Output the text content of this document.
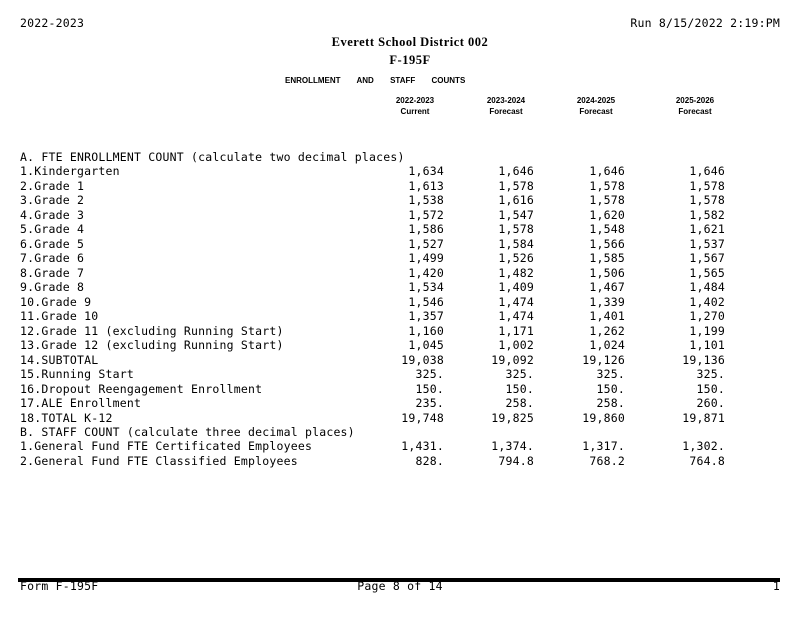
2022-2023	Run 8/15/2022 2:19:PM
Everett School District 002
F-195F
ENROLLMENT AND STAFF COUNTS
2022-2023
Current
2023-2024
Forecast
2024-2025
Forecast
2025-2026
Forecast
A. FTE ENROLLMENT COUNT (calculate two decimal places)
1.Kindergarten	1,634	1,646	1,646	1,646
2.Grade 1	1,613	1,578	1,578	1,578
3.Grade 2	1,538	1,616	1,578	1,578
4.Grade 3	1,572	1,547	1,620	1,582
5.Grade 4	1,586	1,578	1,548	1,621
6.Grade 5	1,527	1,584	1,566	1,537
7.Grade 6	1,499	1,526	1,585	1,567
8.Grade 7	1,420	1,482	1,506	1,565
9.Grade 8	1,534	1,409	1,467	1,484
10.Grade 9	1,546	1,474	1,339	1,402
11.Grade 10	1,357	1,474	1,401	1,270
12.Grade 11 (excluding Running Start)	1,160	1,171	1,262	1,199
13.Grade 12 (excluding Running Start)	1,045	1,002	1,024	1,101
14.SUBTOTAL	19,038	19,092	19,126	19,136
15.Running Start	325.	325.	325.	325.
16.Dropout Reengagement Enrollment	150.	150.	150.	150.
17.ALE Enrollment	235.	258.	258.	260.
18.TOTAL K-12	19,748	19,825	19,860	19,871
B. STAFF COUNT (calculate three decimal places)
1.General Fund FTE Certificated Employees	1,431.	1,374.	1,317.	1,302.
2.General Fund FTE Classified Employees	828.	794.8	768.2	764.8
Form F-195F	Page 8 of 14	1
